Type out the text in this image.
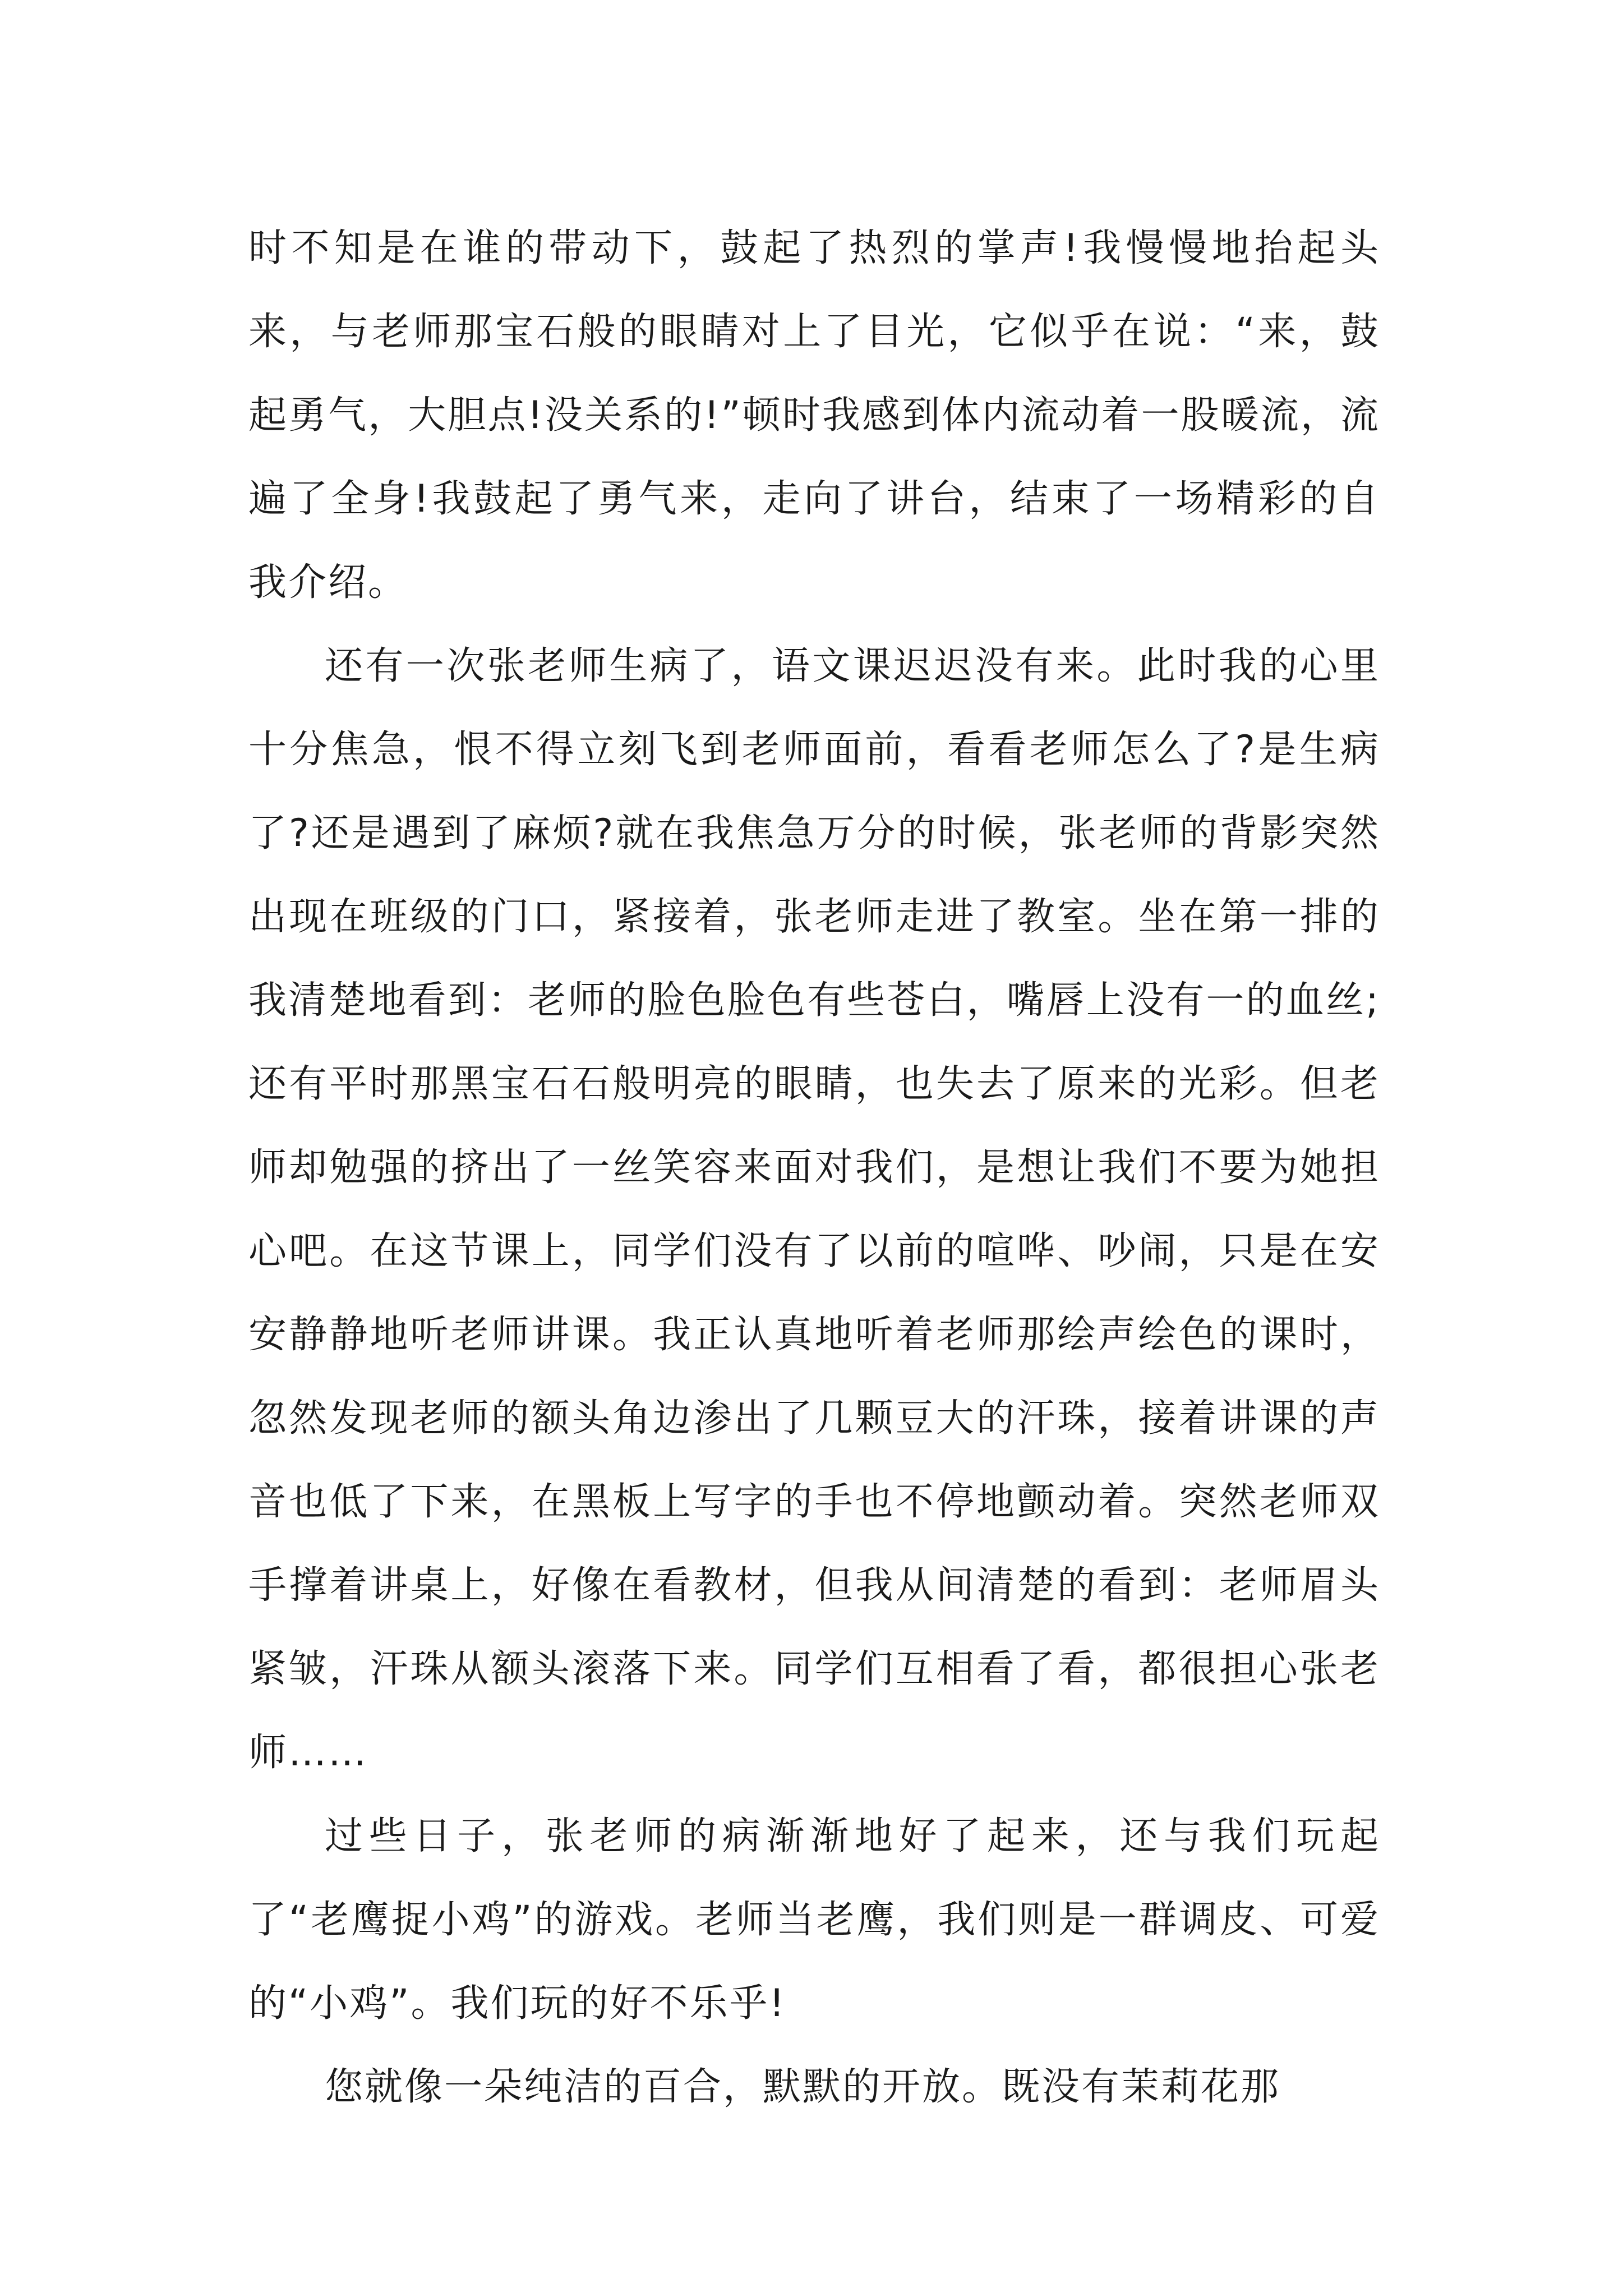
时不知是在谁的带动下，鼓起了热烈的掌声!我慢慢地抬起头来，与老师那宝石般的眼睛对上了目光，它似乎在说：“来，鼓起勇气，大胆点!没关系的!”顿时我感到体内流动着一股暖流，流遍了全身!我鼓起了勇气来，走向了讲台，结束了一场精彩的自我介绍。

还有一次张老师生病了，语文课迟迟没有来。此时我的心里十分焦急，恨不得立刻飞到老师面前，看看老师怎么了?是生病了?还是遇到了麻烦?就在我焦急万分的时候，张老师的背影突然出现在班级的门口，紧接着，张老师走进了教室。坐在第一排的我清楚地看到：老师的脸色脸色有些苍白，嘴唇上没有一的血丝;还有平时那黑宝石石般明亮的眼睛，也失去了原来的光彩。但老师却勉强的挤出了一丝笑容来面对我们，是想让我们不要为她担心吧。在这节课上，同学们没有了以前的喧哗、吵闹，只是在安安静静地听老师讲课。我正认真地听着老师那绘声绘色的课时，忽然发现老师的额头角边渗出了几颗豆大的汗珠，接着讲课的声音也低了下来，在黑板上写字的手也不停地颤动着。突然老师双手撑着讲桌上，好像在看教材，但我从间清楚的看到：老师眉头紧皱，汗珠从额头滚落下来。同学们互相看了看，都很担心张老师……

过些日子，张老师的病渐渐地好了起来，还与我们玩起了“老鹰捉小鸡”的游戏。老师当老鹰，我们则是一群调皮、可爱的“小鸡”。我们玩的好不乐乎!

您就像一朵纯洁的百合，默默的开放。既没有茉莉花那
